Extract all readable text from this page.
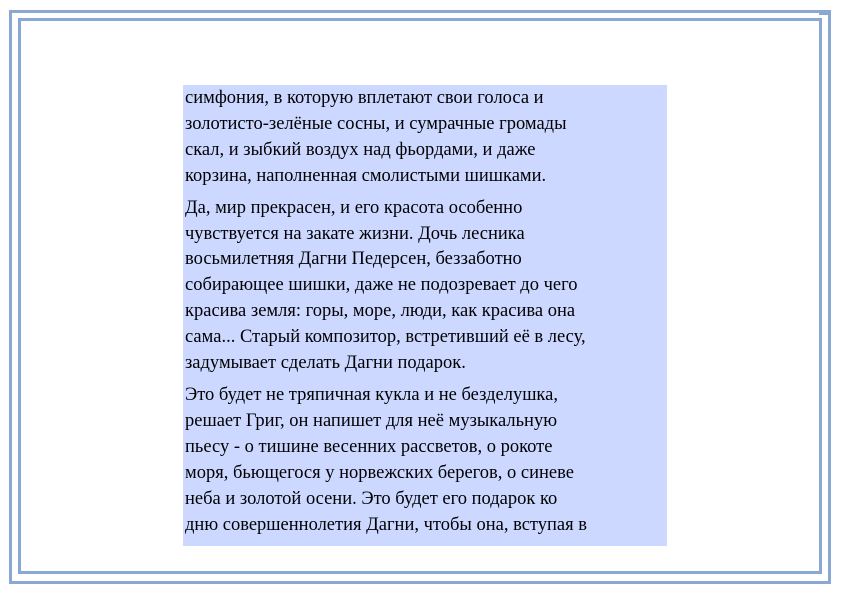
симфония, в которую вплетают свои голоса и
золотисто-зелёные сосны, и сумрачные громады
скал, и зыбкий воздух над фьордами, и даже
корзина, наполненная смолистыми шишками.

Да, мир прекрасен, и его красота особенно
чувствуется на закате жизни. Дочь лесника
восьмилетняя Дагни Педерсен, беззаботно
собирающее шишки, даже не подозревает до чего
красива земля: горы, море, люди, как красива она
сама... Старый композитор, встретивший её в лесу,
задумывает сделать Дагни подарок.

Это будет не тряпичная кукла и не безделушка,
решает Григ, он напишет для неё музыкальную
пьесу - о тишине весенних рассветов, о рокоте
моря, бьющегося у норвежских берегов, о синеве
неба и золотой осени. Это будет его подарок ко
дню совершеннолетия Дагни, чтобы она, вступая в
